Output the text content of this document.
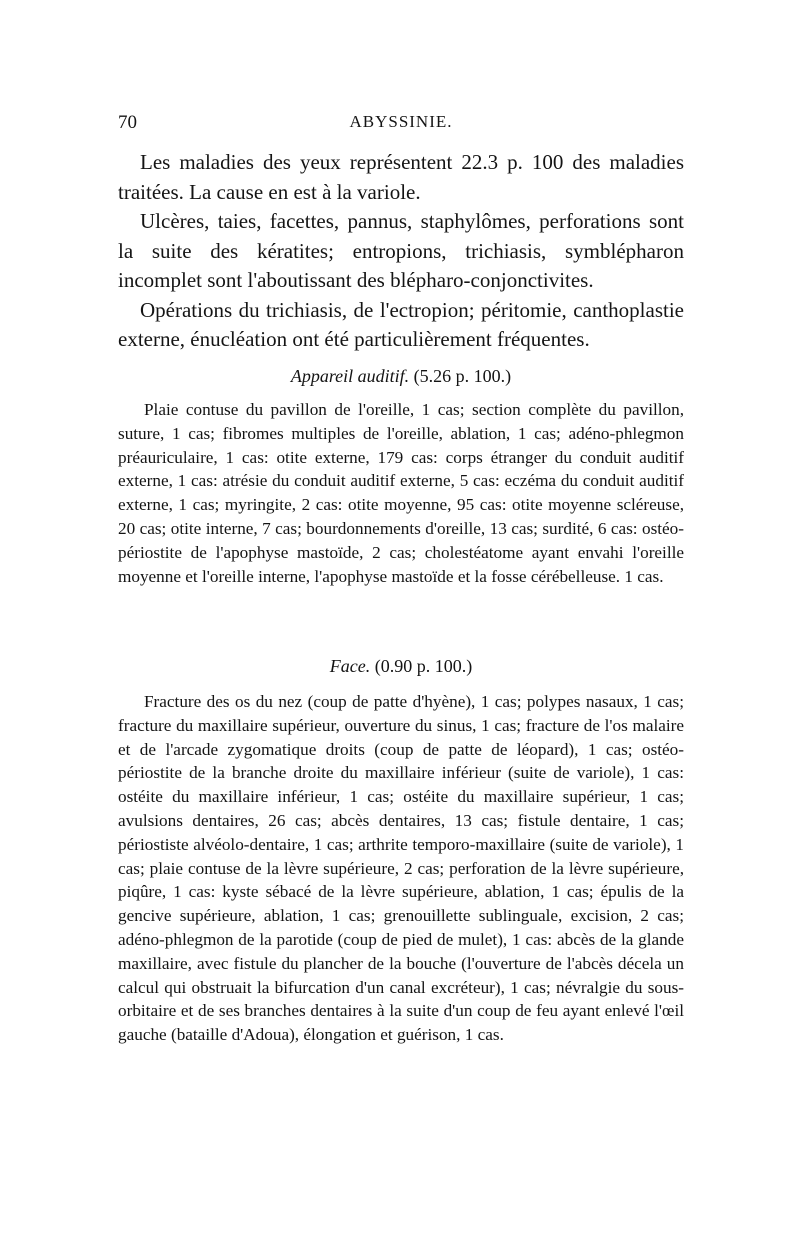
70	ABYSSINIE.

Les maladies des yeux représentent 22.3 p. 100 des maladies traitées. La cause en est à la variole.

Ulcères, taies, facettes, pannus, staphylômes, perforations sont la suite des kératites; entropions, trichiasis, symblépharon incomplet sont l'aboutissant des blépharo-conjonctivites.

Opérations du trichiasis, de l'ectropion; péritomie, canthoplastie externe, énucléation ont été particulièrement fréquentes.

Appareil auditif. (5.26 p. 100.)

Plaie contuse du pavillon de l'oreille, 1 cas; section complète du pavillon, suture, 1 cas; fibromes multiples de l'oreille, ablation, 1 cas; adéno-phlegmon préauriculaire, 1 cas: otite externe, 179 cas: corps étranger du conduit auditif externe, 1 cas: atrésie du conduit auditif externe, 5 cas: eczéma du conduit auditif externe, 1 cas; myringite, 2 cas: otite moyenne, 95 cas: otite moyenne scléreuse, 20 cas; otite interne, 7 cas; bourdonnements d'oreille, 13 cas; surdité, 6 cas: ostéo-périostite de l'apophyse mastoïde, 2 cas; cholestéatome ayant envahi l'oreille moyenne et l'oreille interne, l'apophyse mastoïde et la fosse cérébelleuse. 1 cas.

Face. (0.90 p. 100.)

Fracture des os du nez (coup de patte d'hyène), 1 cas; polypes nasaux, 1 cas; fracture du maxillaire supérieur, ouverture du sinus, 1 cas; fracture de l'os malaire et de l'arcade zygomatique droits (coup de patte de léopard), 1 cas; ostéo-périostite de la branche droite du maxillaire inférieur (suite de variole), 1 cas: ostéite du maxillaire inférieur, 1 cas; ostéite du maxillaire supérieur, 1 cas; avulsions dentaires, 26 cas; abcès dentaires, 13 cas; fistule dentaire, 1 cas; périostiste alvéolo-dentaire, 1 cas; arthrite temporo-maxillaire (suite de variole), 1 cas; plaie contuse de la lèvre supérieure, 2 cas; perforation de la lèvre supérieure, piqûre, 1 cas: kyste sébacé de la lèvre supérieure, ablation, 1 cas; épulis de la gencive supérieure, ablation, 1 cas; grenouillette sublinguale, excision, 2 cas; adéno-phlegmon de la parotide (coup de pied de mulet), 1 cas: abcès de la glande maxillaire, avec fistule du plancher de la bouche (l'ouverture de l'abcès décela un calcul qui obstruait la bifurcation d'un canal excréteur), 1 cas; névralgie du sous-orbitaire et de ses branches dentaires à la suite d'un coup de feu ayant enlevé l'œil gauche (bataille d'Adoua), élongation et guérison, 1 cas.
